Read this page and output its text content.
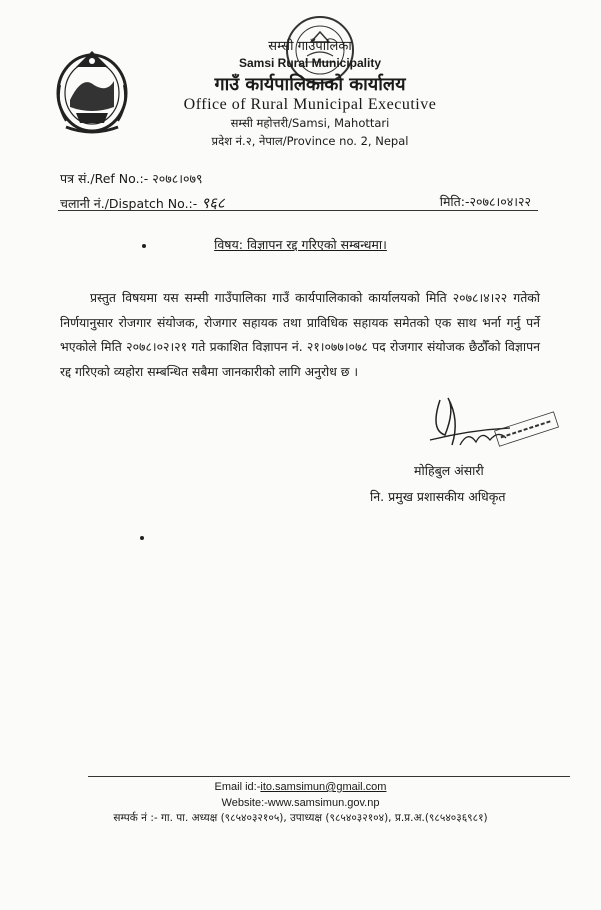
सम्सी गाउँपालिका
Samsi Rural Municipality
गाउँ कार्यपालिकाको कार्यालय
Office of Rural Municipal Executive
सम्सी महोत्तरी/Samsi, Mahottari
प्रदेश नं.२, नेपाल/Province no. 2, Nepal
पत्र सं./Ref No.:- २०७८।०७९
चलानी नं./Dispatch No.:- ९६८	मिति:-२०७८।०४।२२
विषय: विज्ञापन रद्द गरिएको सम्बन्धमा।
प्रस्तुत विषयमा यस सम्सी गाउँपालिका गाउँ कार्यपालिकाको कार्यालयको मिति २०७८।४।२२ गतेको निर्णयानुसार रोजगार संयोजक, रोजगार सहायक तथा प्राविधिक सहायक समेतको एक साथ भर्ना गर्नु पर्ने भएकोले मिति २०७८।०२।२१ गते प्रकाशित विज्ञापन नं. २१।०७७।०७८ पद रोजगार संयोजक छैठौँको विज्ञापन रद्द गरिएको व्यहोरा सम्बन्धित सबैमा जानकारीको लागि अनुरोध छ ।
मोहिबुल अंसारी
नि. प्रमुख प्रशासकीय अधिकृत
Email id:-ito.samsimun@gmail.com
Website:-www.samsimun.gov.np
सम्पर्क नं :- गा. पा. अध्यक्ष (९८५४०३२१०५), उपाध्यक्ष (९८५४०३२१०४), प्र.प्र.अ.(९८५४०३६९८१)
